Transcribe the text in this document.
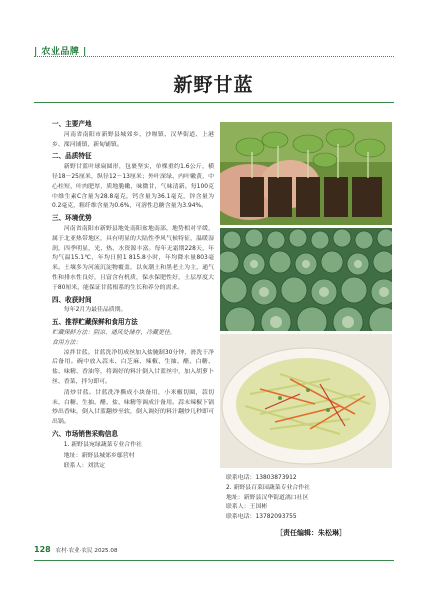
| 农业品牌 |
新野甘蓝
一、主要产地

河南省南阳市新野县城郊乡、沙堰镇、汉华街道、上港乡、溧河铺镇、新甸铺镇。

二、品质特征

新野甘蓝叶球扁圆形，包裹坚实，单棵重约1.6公斤，横径18－25厘米，纵径12－13厘米；外叶深绿、内叶嫩黄，中心柱短，叶肉肥厚，质地脆嫩，味微甘，气味清新。每100克中维生素C含量为28.8毫克，钙含量为36.1毫克，锌含量为0.2毫克，粗纤维含量为0.6%，可溶性总糖含量为3.94%。

三、环境优势

河南省南阳市新野县地处南阳盆地南部，地势相对平缓，属于北亚热带地区，具有明显的大陆性季风气候特征，温暖湿润，四季明显，光、热、水资源丰富。每年无霜期228天，年均气温15.1℃，年均日照1 815.8小时，年均降水量803毫米。土壤多为河流沉淀物覆盖，以灰潮土和黑老土为主，通气性和排水性良好，且富含有机质，保水保肥性好，土层厚度大于80厘米，能保证甘蓝根系的生长和养分的需求。

四、收获时间

每年2月为最佳品质期。

五、推荐贮藏保鲜和食用方法

贮藏保鲜方法：阴凉、通风处储存，冷藏更佳。

食用方法：

凉拌甘蓝。甘蓝洗净切成丝加入盐腌制30分钟，滑洗干净后备用。碗中放入蒜末、白芝麻、辣椒、生抽、醋、白糖、盐、味精、香油等，将调好的料汁倒入甘蓝丝中，加入胡萝卜丝、香菜，拌匀即可。

清炒甘蓝。甘蓝洗净撕成小块备用，小米椒切圈，蒜切末，白糖、生抽、醋、盐、味精等调成汁备用。蒜末辣椒下锅炒出香味，倒入甘蓝翻炒至软，倒入调好的料汁翻炒几秒即可出锅。

六、市场销售采购信息

1. 新野县宛绿蔬菜专业合作社

地址：新野县城郊乡鄢营村

联系人：刘洪定

联系电话：13803873912

2. 新野县百菜园蔬菜专业合作社

地址：新野县汉华街道漓口社区

联系人：王国彬

联系电话：13782093755

［责任编辑：朱松琳］
128 农村·农业·农民 2025.08
